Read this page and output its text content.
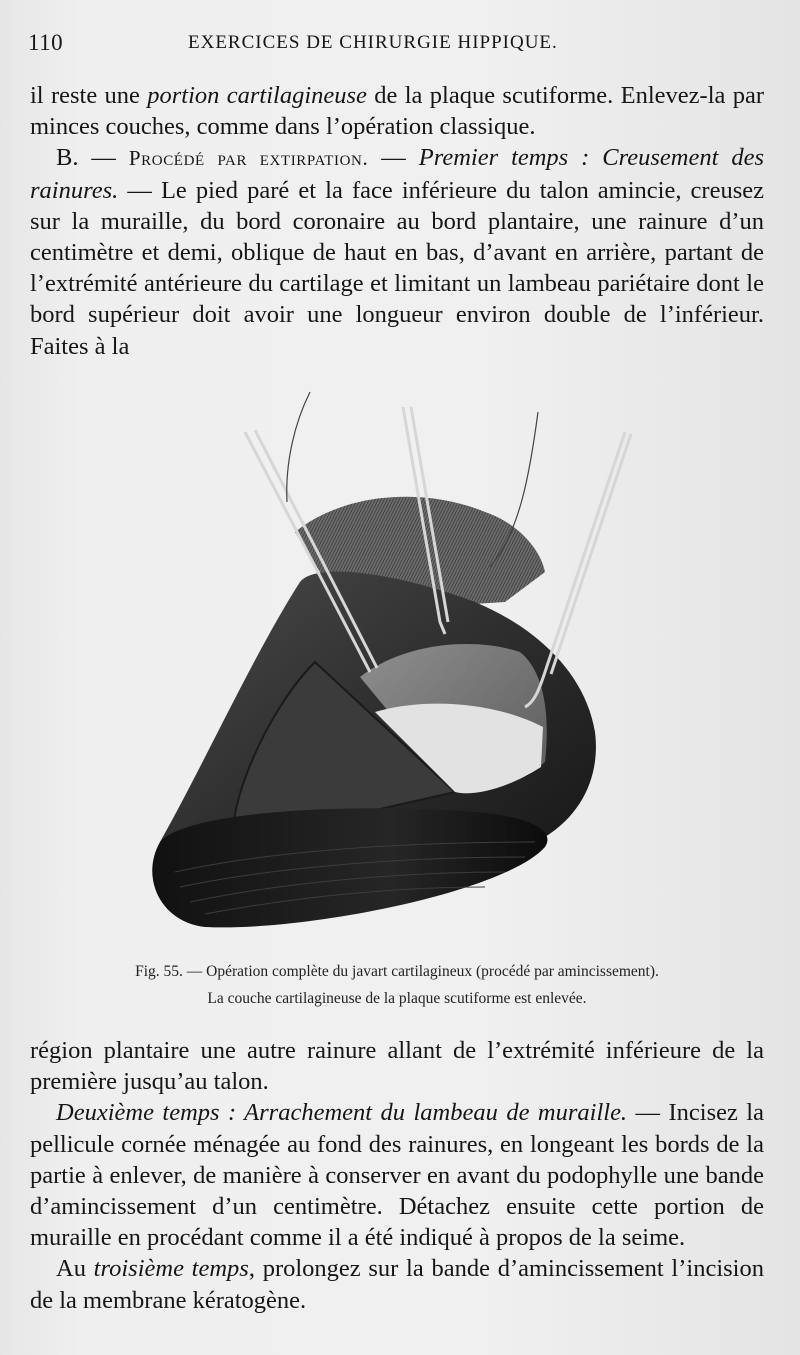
110	EXERCICES DE CHIRURGIE HIPPIQUE.

il reste une portion cartilagineuse de la plaque scutiforme. Enlevez-la par minces couches, comme dans l’opération classique.

B. — Procédé par extirpation. — Premier temps : Creusement des rainures. — Le pied paré et la face inférieure du talon amincie, creusez sur la muraille, du bord coronaire au bord plantaire, une rainure d’un centimètre et demi, oblique de haut en bas, d’avant en arrière, partant de l’extrémité antérieure du cartilage et limitant un lambeau pariétaire dont le bord supérieur doit avoir une longueur environ double de l’inférieur. Faites à la

Fig. 55. — Opération complète du javart cartilagineux (procédé par amincissement).
La couche cartilagineuse de la plaque scutiforme est enlevée.

région plantaire une autre rainure allant de l’extrémité inférieure de la première jusqu’au talon.

Deuxième temps : Arrachement du lambeau de muraille. — Incisez la pellicule cornée ménagée au fond des rainures, en longeant les bords de la partie à enlever, de manière à conserver en avant du podophylle une bande d’amincissement d’un centimètre. Détachez ensuite cette portion de muraille en procédant comme il a été indiqué à propos de la seime.

Au troisième temps, prolongez sur la bande d’amincissement l’incision de la membrane kératogène.
